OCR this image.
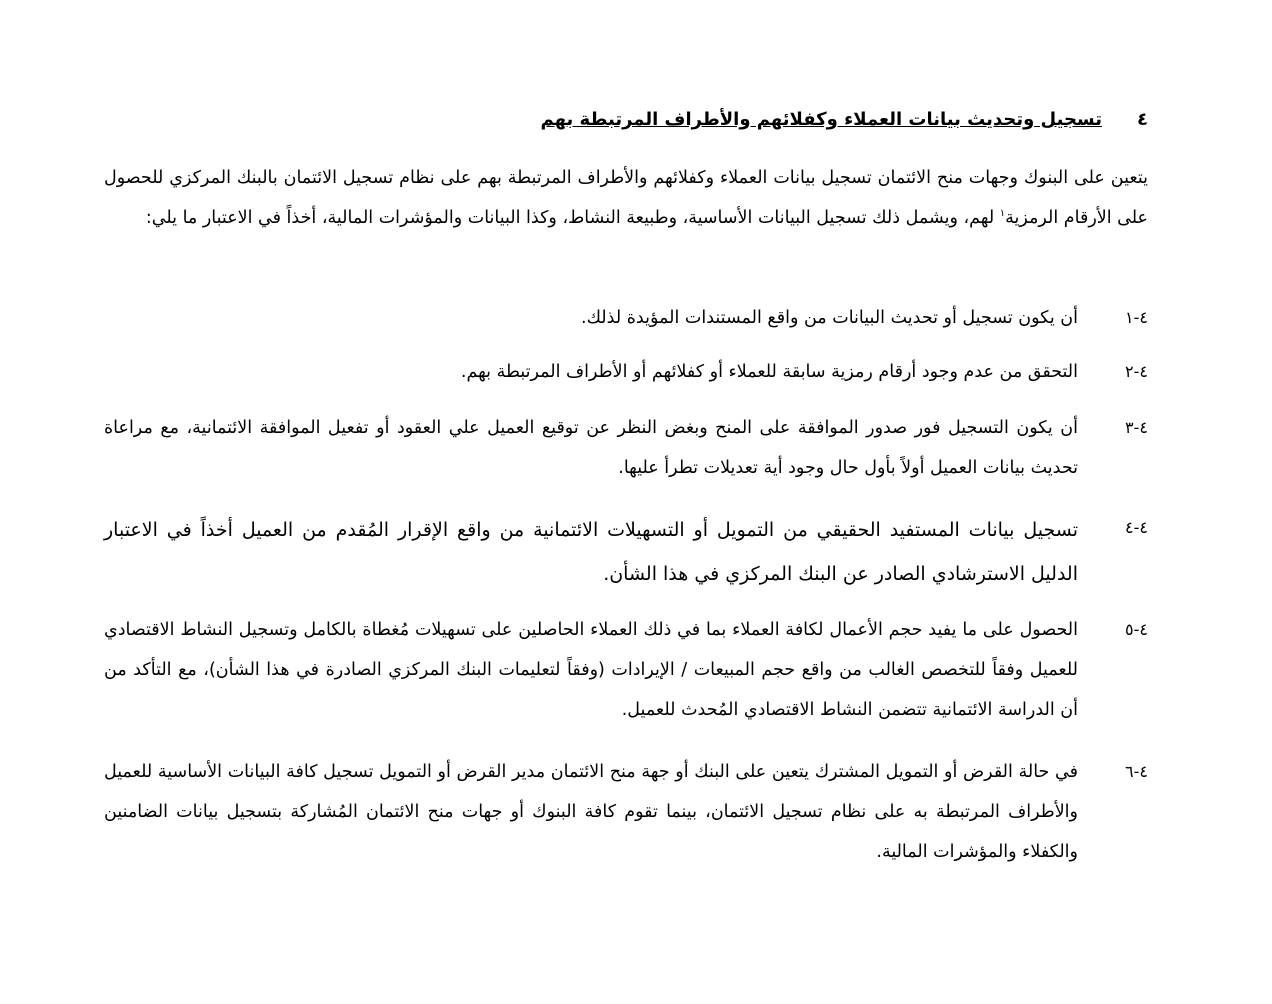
٤تسجيل وتحديث بيانات العملاء وكفلائهم والأطراف المرتبطة بهم

يتعين على البنوك وجهات منح الائتمان تسجيل بيانات العملاء وكفلائهم والأطراف المرتبطة بهم على نظام تسجيل الائتمان بالبنك المركزي للحصول على الأرقام الرمزية$^١$ لهم، ويشمل ذلك تسجيل البيانات الأساسية، وطبيعة النشاط، وكذا البيانات والمؤشرات المالية، أخذاً في الاعتبار ما يلي:

٤-١
أن يكون تسجيل أو تحديث البيانات من واقع المستندات المؤيدة لذلك.
٤-٢
التحقق من عدم وجود أرقام رمزية سابقة للعملاء أو كفلائهم أو الأطراف المرتبطة بهم.
٤-٣
أن يكون التسجيل فور صدور الموافقة على المنح وبغض النظر عن توقيع العميل علي العقود أو تفعيل الموافقة الائتمانية، مع مراعاة تحديث بيانات العميل أولاً بأول حال وجود أية تعديلات تطرأ عليها.
٤-٤
تسجيل بيانات المستفيد الحقيقي من التمويل أو التسهيلات الائتمانية من واقع الإقرار المُقدم من العميل أخذاً في الاعتبار الدليل الاسترشادي الصادر عن البنك المركزي في هذا الشأن.
٤-٥
الحصول على ما يفيد حجم الأعمال لكافة العملاء بما في ذلك العملاء الحاصلين على تسهيلات مُغطاة بالكامل وتسجيل النشاط الاقتصادي للعميل وفقاً للتخصص الغالب من واقع حجم المبيعات / الإيرادات (وفقاً لتعليمات البنك المركزي الصادرة في هذا الشأن)، مع التأكد من أن الدراسة الائتمانية تتضمن النشاط الاقتصادي المُحدث للعميل.
٤-٦
في حالة القرض أو التمويل المشترك يتعين على البنك أو جهة منح الائتمان مدير القرض أو التمويل تسجيل كافة البيانات الأساسية للعميل والأطراف المرتبطة به على نظام تسجيل الائتمان، بينما تقوم كافة البنوك أو جهات منح الائتمان المُشاركة بتسجيل بيانات الضامنين والكفلاء والمؤشرات المالية.
